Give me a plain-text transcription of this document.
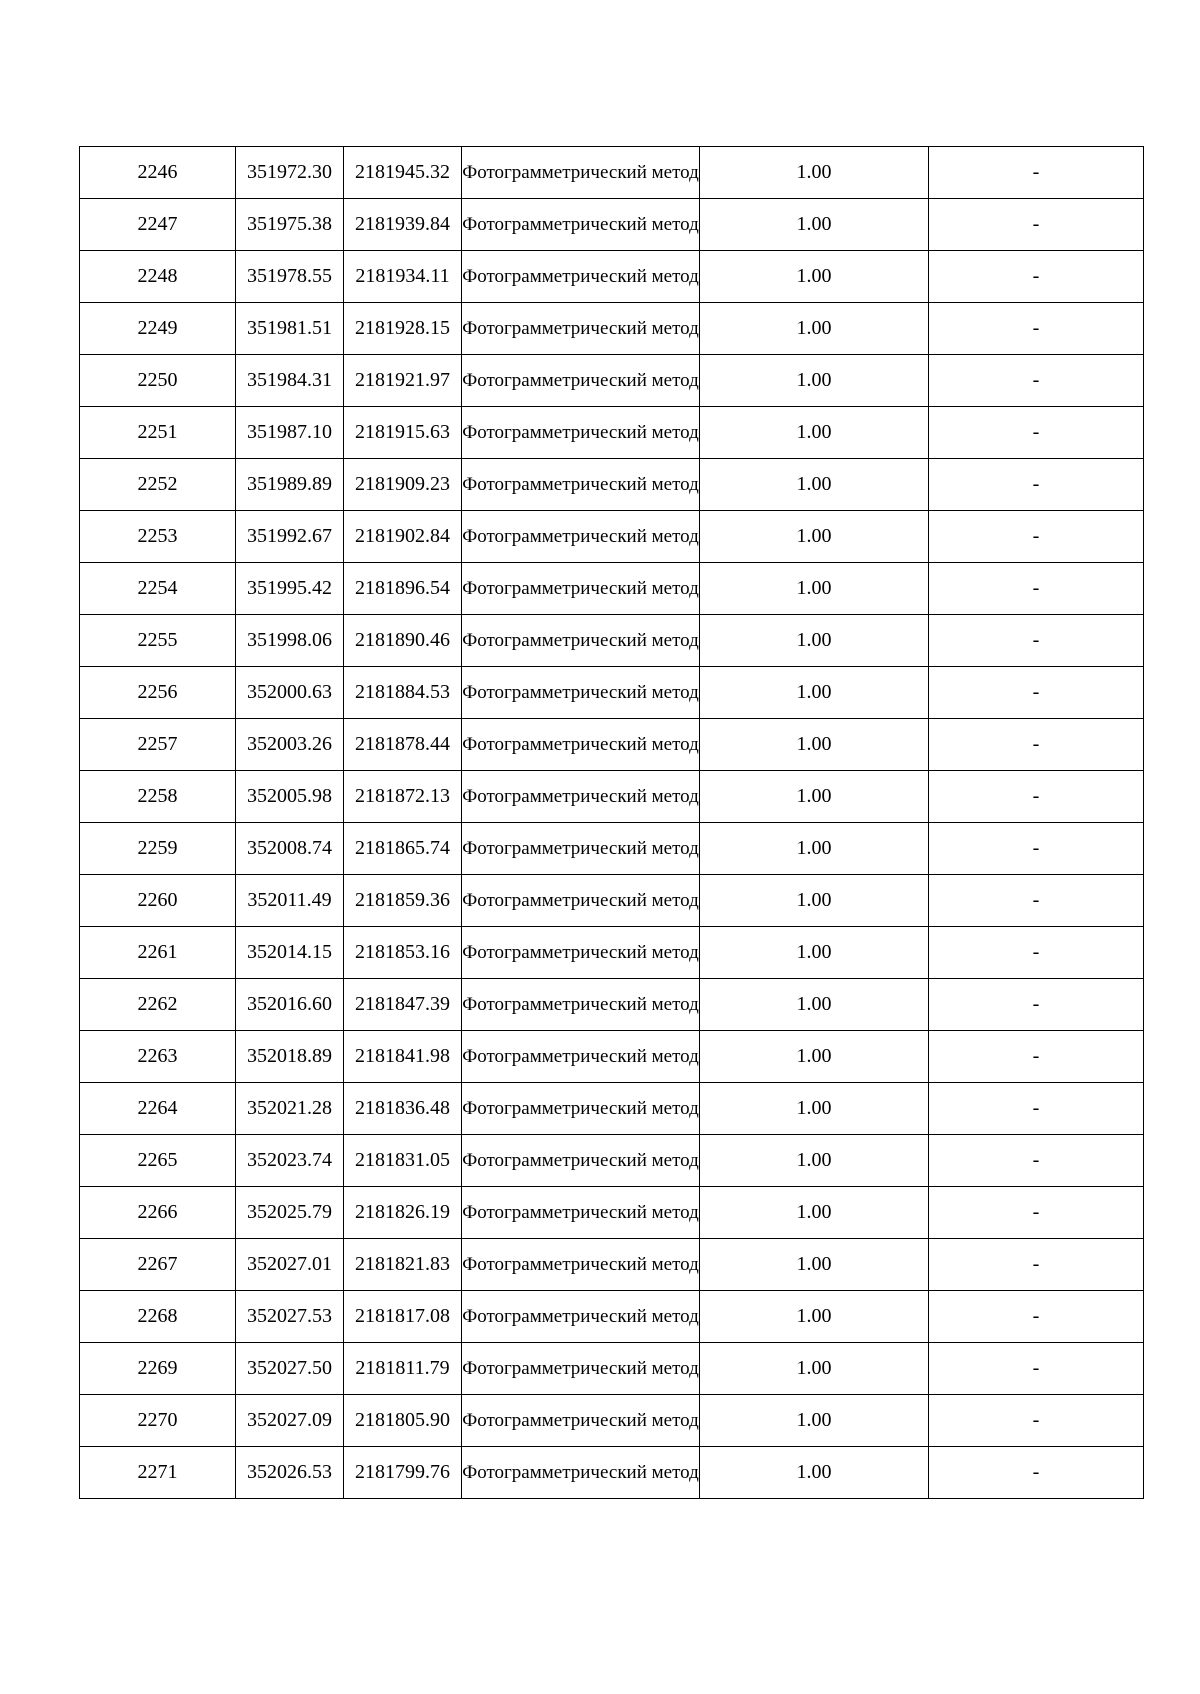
2246	351972.30	2181945.32	Фотограмметрический метод	1.00	-
2247	351975.38	2181939.84	Фотограмметрический метод	1.00	-
2248	351978.55	2181934.11	Фотограмметрический метод	1.00	-
2249	351981.51	2181928.15	Фотограмметрический метод	1.00	-
2250	351984.31	2181921.97	Фотограмметрический метод	1.00	-
2251	351987.10	2181915.63	Фотограмметрический метод	1.00	-
2252	351989.89	2181909.23	Фотограмметрический метод	1.00	-
2253	351992.67	2181902.84	Фотограмметрический метод	1.00	-
2254	351995.42	2181896.54	Фотограмметрический метод	1.00	-
2255	351998.06	2181890.46	Фотограмметрический метод	1.00	-
2256	352000.63	2181884.53	Фотограмметрический метод	1.00	-
2257	352003.26	2181878.44	Фотограмметрический метод	1.00	-
2258	352005.98	2181872.13	Фотограмметрический метод	1.00	-
2259	352008.74	2181865.74	Фотограмметрический метод	1.00	-
2260	352011.49	2181859.36	Фотограмметрический метод	1.00	-
2261	352014.15	2181853.16	Фотограмметрический метод	1.00	-
2262	352016.60	2181847.39	Фотограмметрический метод	1.00	-
2263	352018.89	2181841.98	Фотограмметрический метод	1.00	-
2264	352021.28	2181836.48	Фотограмметрический метод	1.00	-
2265	352023.74	2181831.05	Фотограмметрический метод	1.00	-
2266	352025.79	2181826.19	Фотограмметрический метод	1.00	-
2267	352027.01	2181821.83	Фотограмметрический метод	1.00	-
2268	352027.53	2181817.08	Фотограмметрический метод	1.00	-
2269	352027.50	2181811.79	Фотограмметрический метод	1.00	-
2270	352027.09	2181805.90	Фотограмметрический метод	1.00	-
2271	352026.53	2181799.76	Фотограмметрический метод	1.00	-
